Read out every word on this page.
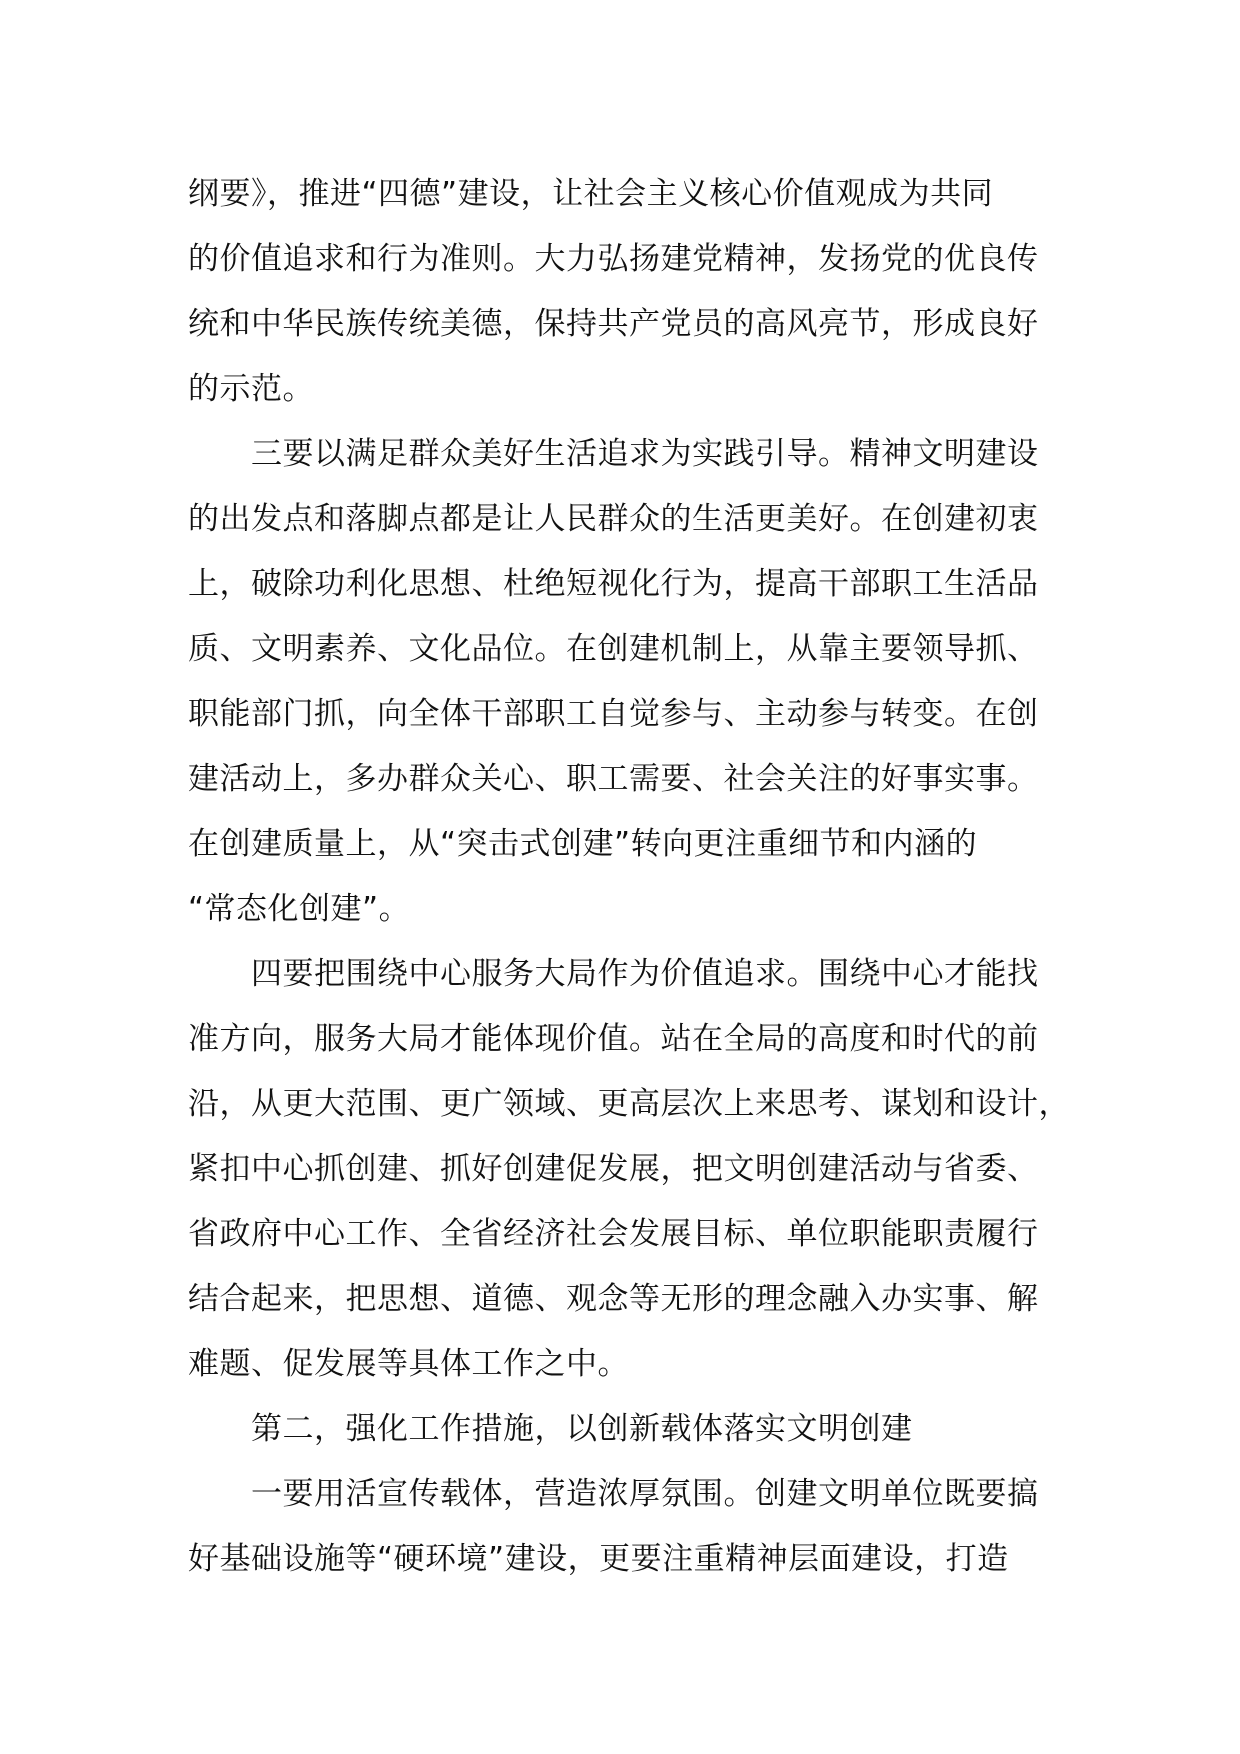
纲要》，推进“四德”建设，让社会主义核心价值观成为共同
的价值追求和行为准则。大力弘扬建党精神，发扬党的优良传
统和中华民族传统美德，保持共产党员的高风亮节，形成良好
的示范。
　　三要以满足群众美好生活追求为实践引导。精神文明建设
的出发点和落脚点都是让人民群众的生活更美好。在创建初衷
上，破除功利化思想、杜绝短视化行为，提高干部职工生活品
质、文明素养、文化品位。在创建机制上，从靠主要领导抓、
职能部门抓，向全体干部职工自觉参与、主动参与转变。在创
建活动上，多办群众关心、职工需要、社会关注的好事实事。
在创建质量上，从“突击式创建”转向更注重细节和内涵的
“常态化创建”。
　　四要把围绕中心服务大局作为价值追求。围绕中心才能找
准方向，服务大局才能体现价值。站在全局的高度和时代的前
沿，从更大范围、更广领域、更高层次上来思考、谋划和设计，
紧扣中心抓创建、抓好创建促发展，把文明创建活动与省委、
省政府中心工作、全省经济社会发展目标、单位职能职责履行
结合起来，把思想、道德、观念等无形的理念融入办实事、解
难题、促发展等具体工作之中。
　　第二，强化工作措施，以创新载体落实文明创建
　　一要用活宣传载体，营造浓厚氛围。创建文明单位既要搞
好基础设施等“硬环境”建设，更要注重精神层面建设，打造
